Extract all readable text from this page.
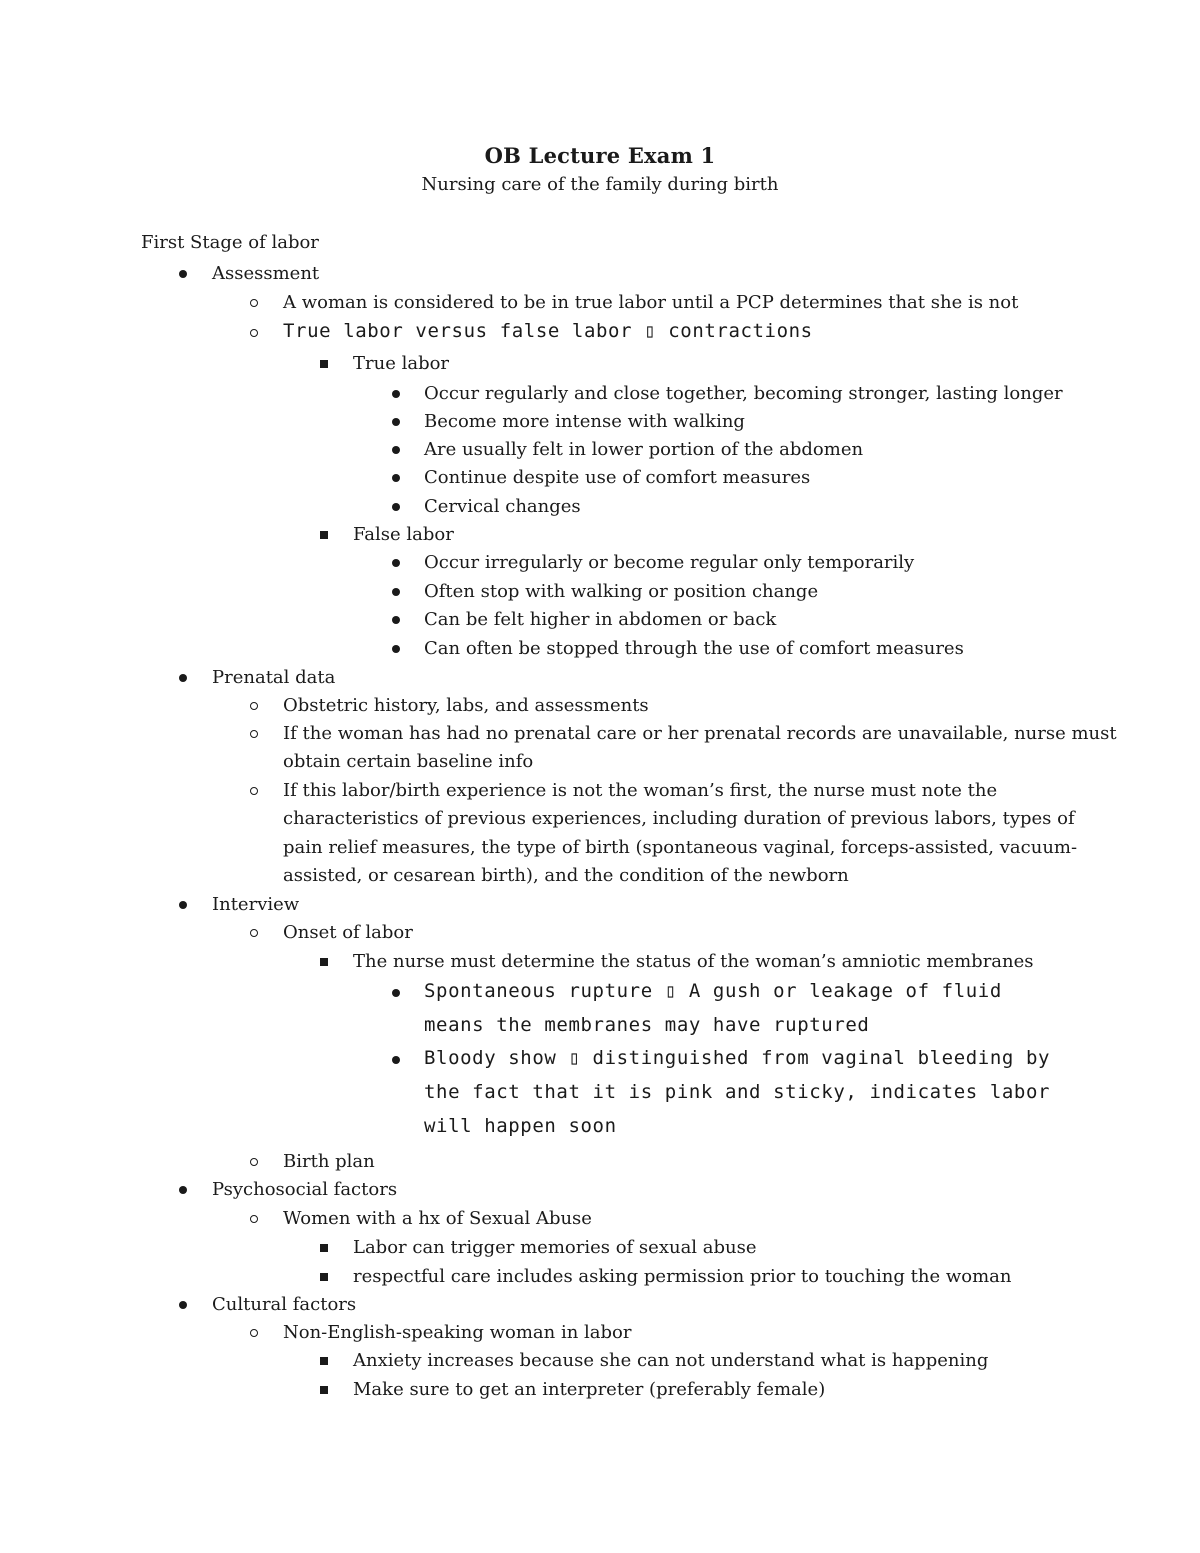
OB Lecture Exam 1
Nursing care of the family during birth
First Stage of labor
Assessment
A woman is considered to be in true labor until a PCP determines that she is not
True labor versus false labor ▯ contractions
True labor
Occur regularly and close together, becoming stronger, lasting longer
Become more intense with walking
Are usually felt in lower portion of the abdomen
Continue despite use of comfort measures
Cervical changes
False labor
Occur irregularly or become regular only temporarily
Often stop with walking or position change
Can be felt higher in abdomen or back
Can often be stopped through the use of comfort measures
Prenatal data
Obstetric history, labs, and assessments
If the woman has had no prenatal care or her prenatal records are unavailable, nurse must
obtain certain baseline info
If this labor/birth experience is not the woman’s first, the nurse must note the
characteristics of previous experiences, including duration of previous labors, types of
pain relief measures, the type of birth (spontaneous vaginal, forceps-assisted, vacuum-
assisted, or cesarean birth), and the condition of the newborn
Interview
Onset of labor
The nurse must determine the status of the woman’s amniotic membranes
Spontaneous rupture ▯ A gush or leakage of fluid
means the membranes may have ruptured
Bloody show ▯ distinguished from vaginal bleeding by
the fact that it is pink and sticky, indicates labor
will happen soon
Birth plan
Psychosocial factors
Women with a hx of Sexual Abuse
Labor can trigger memories of sexual abuse
respectful care includes asking permission prior to touching the woman
Cultural factors
Non-English-speaking woman in labor
Anxiety increases because she can not understand what is happening
Make sure to get an interpreter (preferably female)
